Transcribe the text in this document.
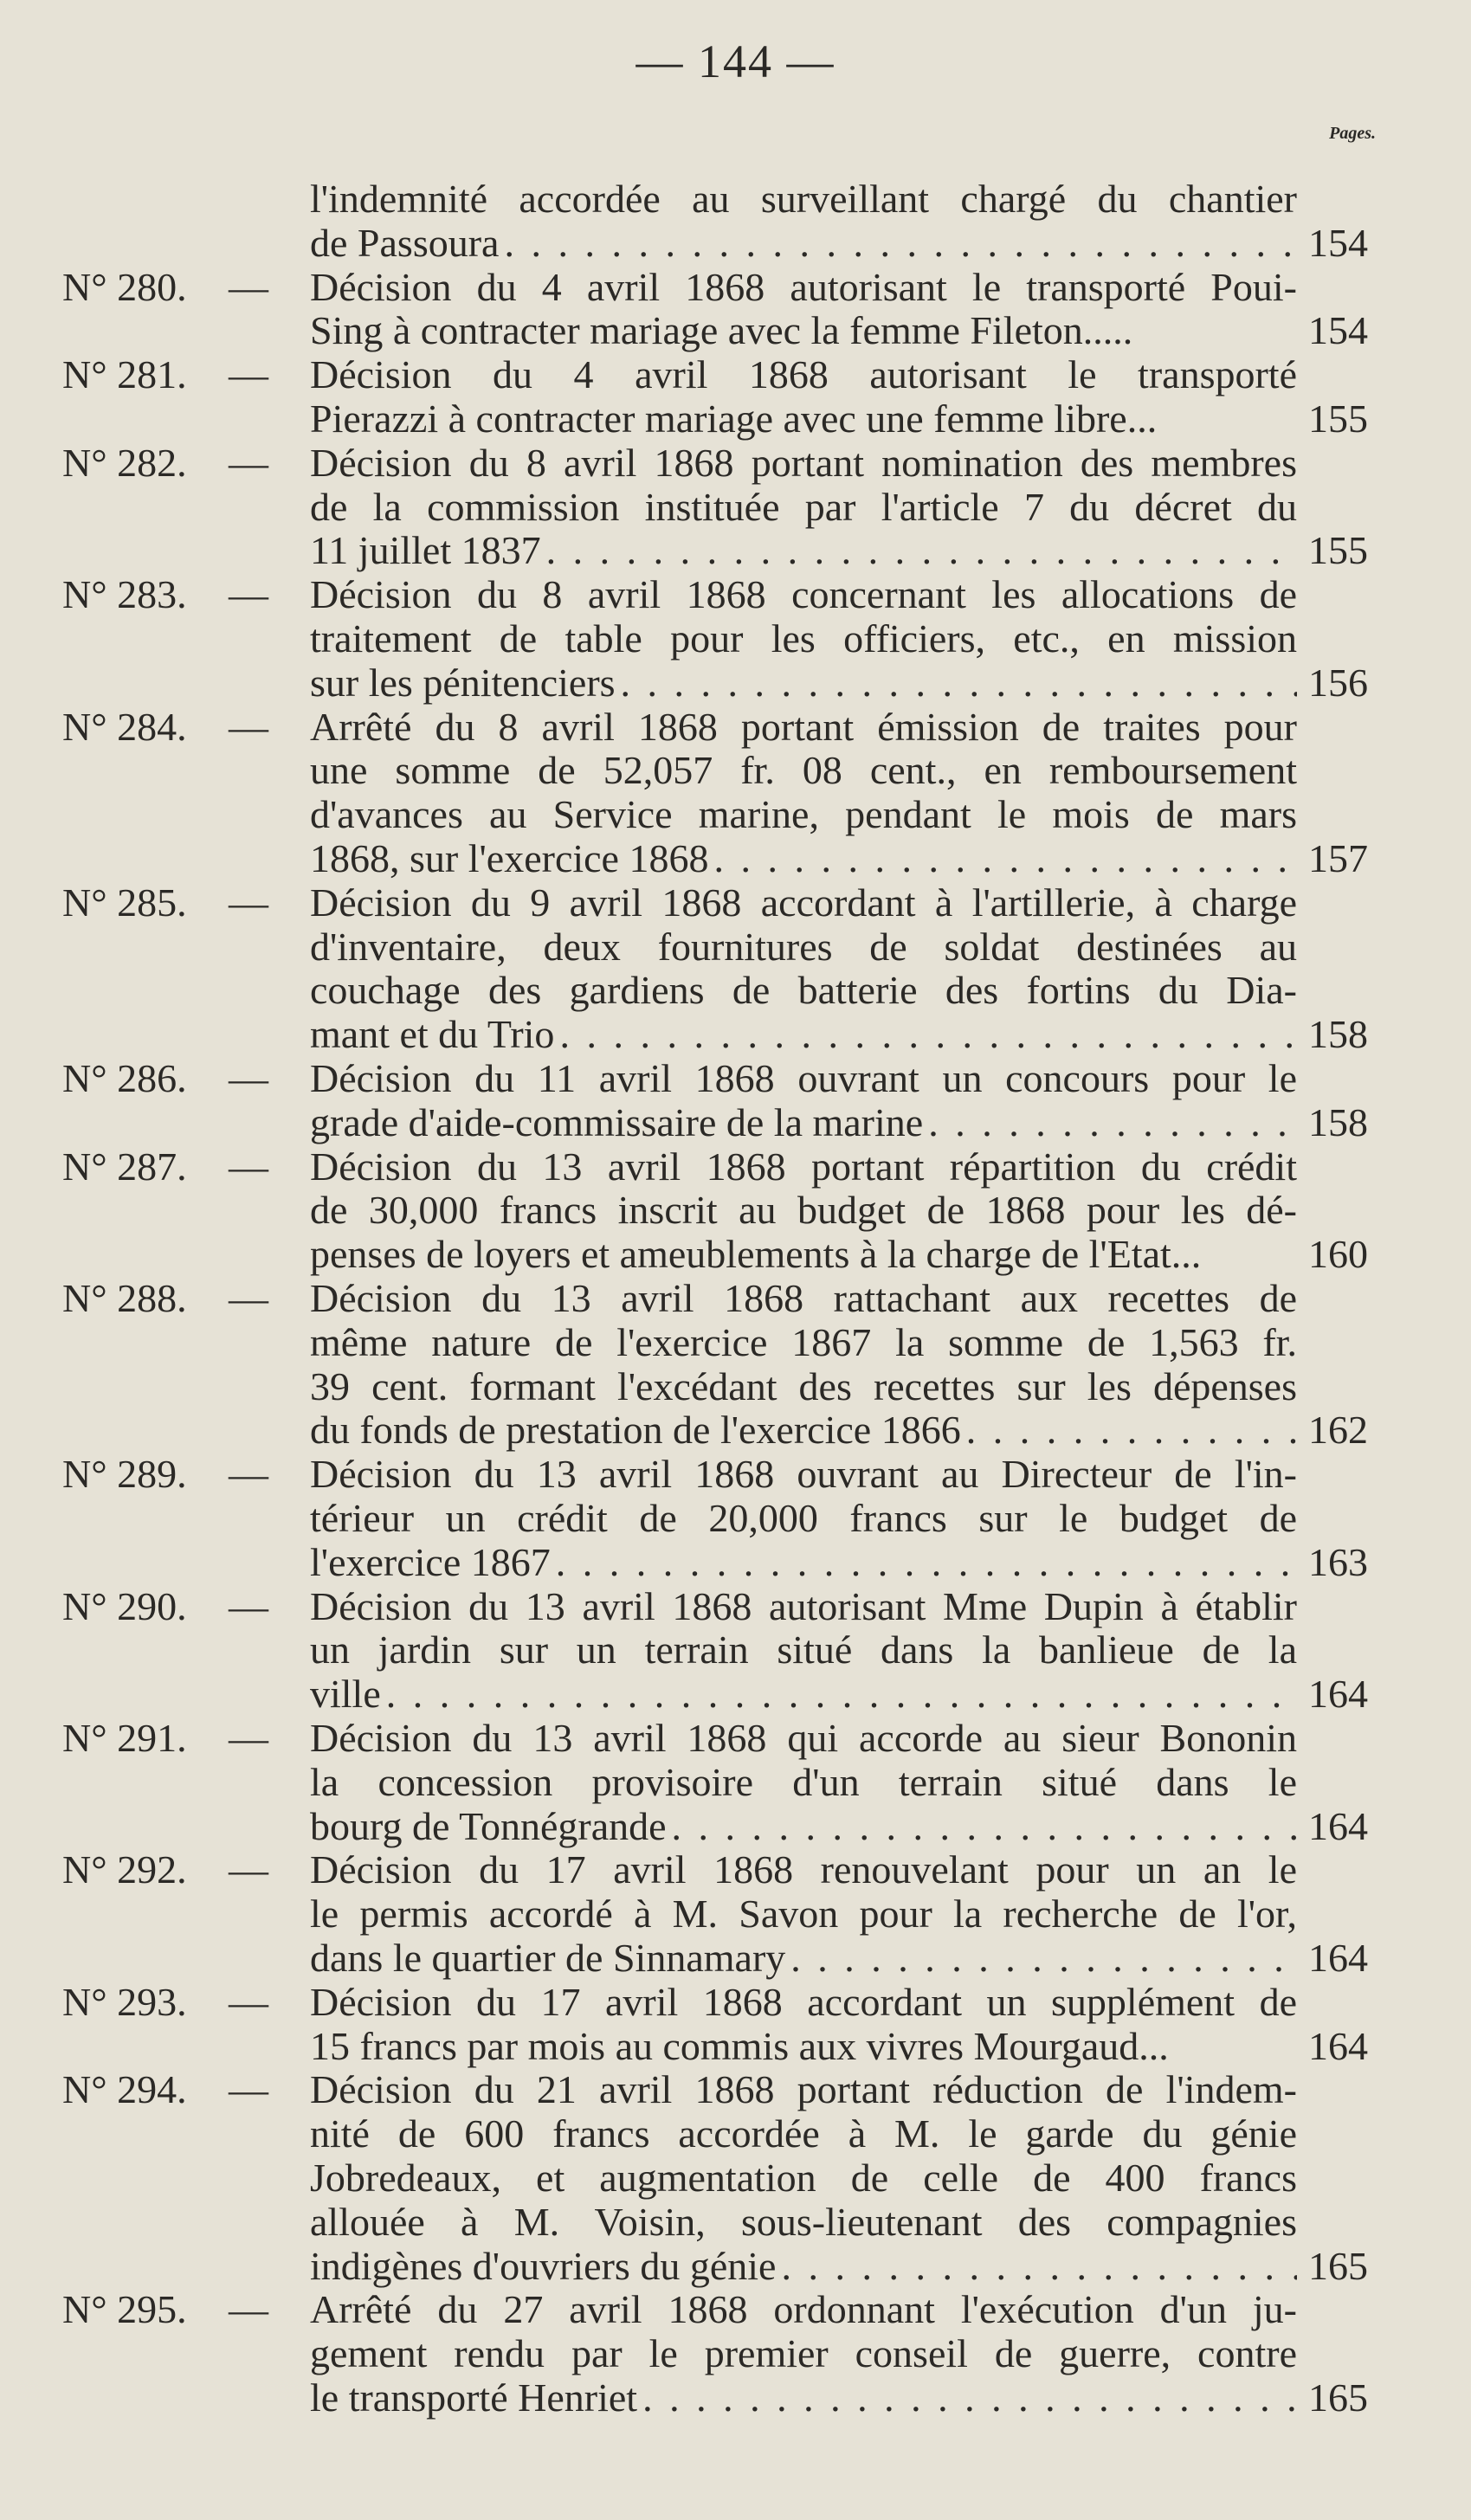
— 144 —
Pages.
l'indemnité accordée au surveillant chargé du chantier
de Passoura . . .	154
N° 280.	— Décision du 4 avril 1868 autorisant le transporté Poui-
Sing à contracter mariage avec la femme Fileton.....	154
N° 281.	— Décision du 4 avril 1868 autorisant le transporté
Pierazzi à contracter mariage avec une femme libre...	155
N° 282.	— Décision du 8 avril 1868 portant nomination des membres
de la commission instituée par l'article 7 du décret du
11 juillet 1837 . . .	155
N° 283.	— Décision du 8 avril 1868 concernant les allocations de
traitement de table pour les officiers, etc., en mission
sur les pénitenciers . . .	156
N° 284.	— Arrêté du 8 avril 1868 portant émission de traites pour
une somme de 52,057 fr. 08 cent., en remboursement
d'avances au Service marine, pendant le mois de mars
1868, sur l'exercice 1868 . . .	157
N° 285.	— Décision du 9 avril 1868 accordant à l'artillerie, à charge
d'inventaire, deux fournitures de soldat destinées au
couchage des gardiens de batterie des fortins du Dia-
mant et du Trio . . .	158
N° 286.	— Décision du 11 avril 1868 ouvrant un concours pour le
grade d'aide-commissaire de la marine . . .	158
N° 287.	— Décision du 13 avril 1868 portant répartition du crédit
de 30,000 francs inscrit au budget de 1868 pour les dé-
penses de loyers et ameublements à la charge de l'Etat...	160
N° 288.	— Décision du 13 avril 1868 rattachant aux recettes de
même nature de l'exercice 1867 la somme de 1,563 fr.
39 cent. formant l'excédant des recettes sur les dépenses
du fonds de prestation de l'exercice 1866 . . .	162
N° 289.	— Décision du 13 avril 1868 ouvrant au Directeur de l'in-
térieur un crédit de 20,000 francs sur le budget de
l'exercice 1867 . . .	163
N° 290.	— Décision du 13 avril 1868 autorisant Mme Dupin à établir
un jardin sur un terrain situé dans la banlieue de la
ville . . .	164
N° 291.	— Décision du 13 avril 1868 qui accorde au sieur Bononin
la concession provisoire d'un terrain situé dans le
bourg de Tonnégrande . . .	164
N° 292.	— Décision du 17 avril 1868 renouvelant pour un an le
le permis accordé à M. Savon pour la recherche de l'or,
dans le quartier de Sinnamary . . .	164
N° 293.	— Décision du 17 avril 1868 accordant un supplément de
15 francs par mois au commis aux vivres Mourgaud...	164
N° 294.	— Décision du 21 avril 1868 portant réduction de l'indem-
nité de 600 francs accordée à M. le garde du génie
Jobredeaux, et augmentation de celle de 400 francs
allouée à M. Voisin, sous-lieutenant des compagnies
indigènes d'ouvriers du génie . . .	165
N° 295.	— Arrêté du 27 avril 1868 ordonnant l'exécution d'un ju-
gement rendu par le premier conseil de guerre, contre
le transporté Henriet . . .	165
